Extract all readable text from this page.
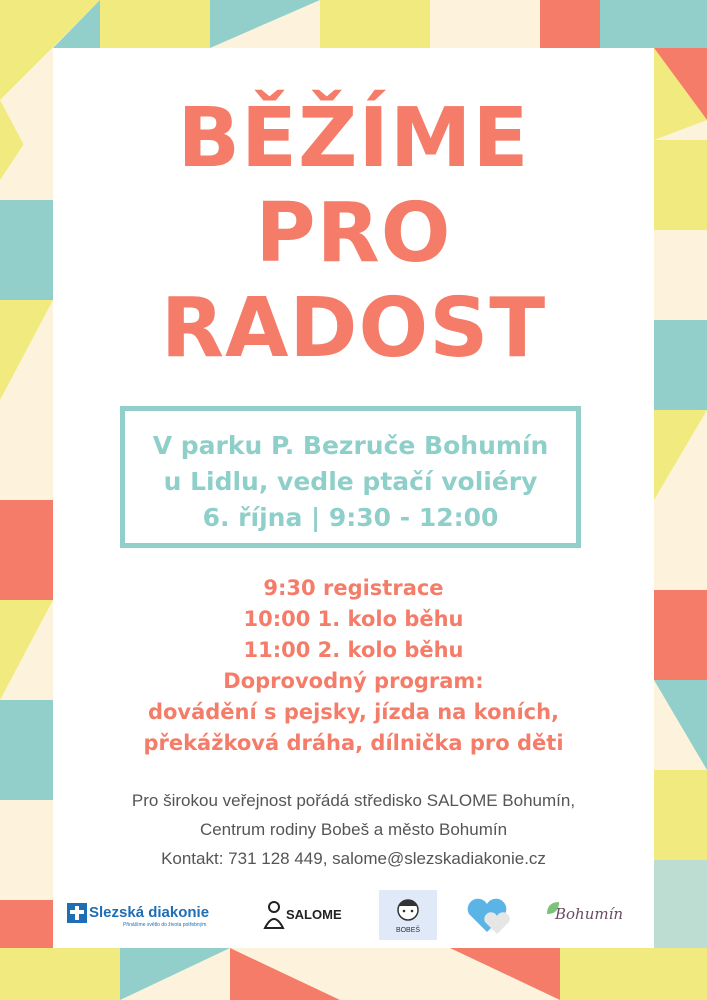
BĚŽÍME
PRO
RADOST
V parku P. Bezruče Bohumín
u Lidlu, vedle ptačí voliéry
6. října | 9:30 - 12:00
9:30 registrace
10:00 1. kolo běhu
11:00 2. kolo běhu
Doprovodný program:
dovádění s pejsky, jízda na koních,
překážková dráha, dílnička pro děti
Pro širokou veřejnost pořádá středisko SALOME Bohumín,
Centrum rodiny Bobeš a město Bohumín
Kontakt: 731 128 449, salome@slezskadiakonie.cz
Slezská diakonie
Přinášíme světlo do života potřebným
SALOME
BOBEŠ
Bohumín
